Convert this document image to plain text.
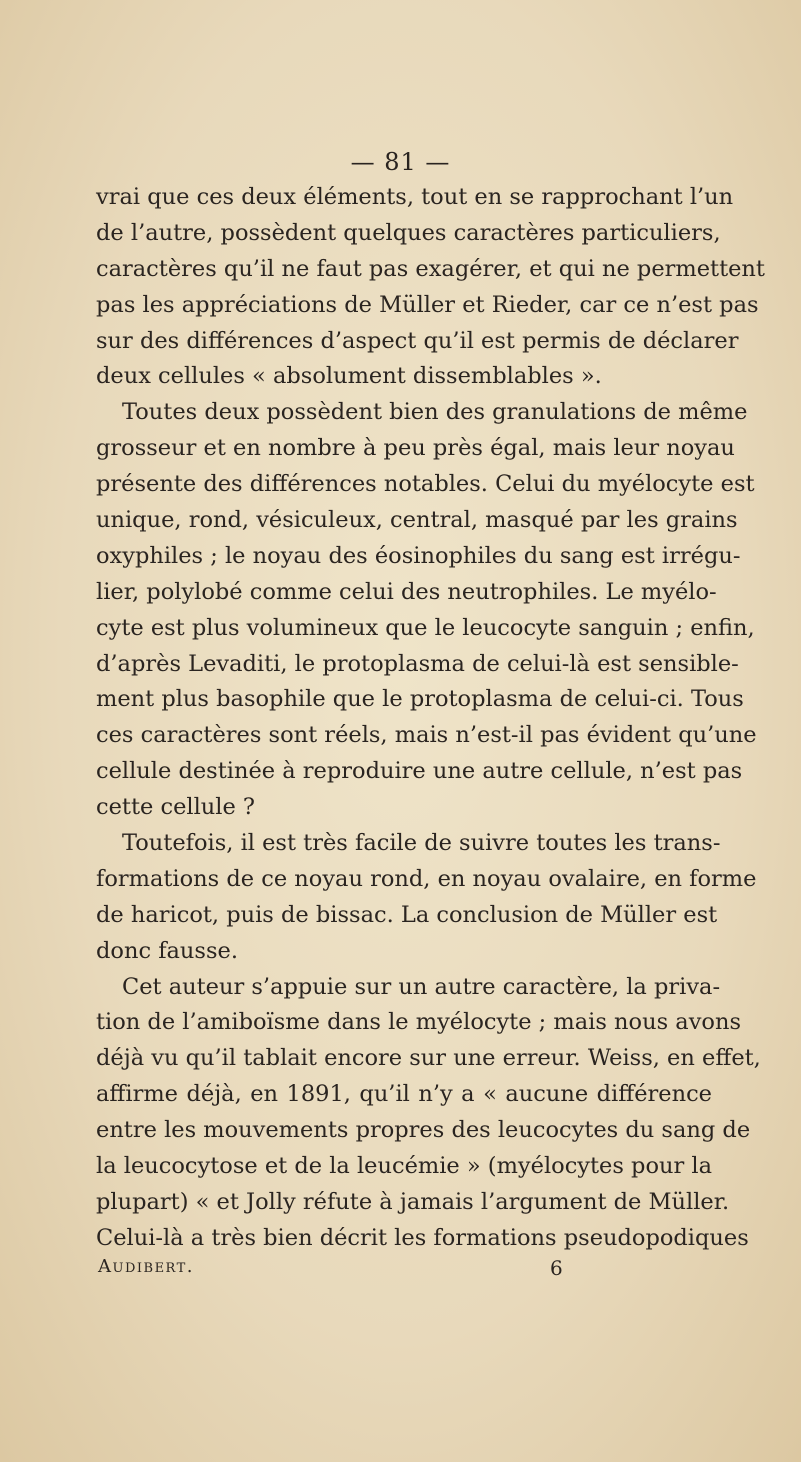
— 81 —
vrai que ces deux éléments, tout en se rapprochant l’un
de l’autre, possèdent quelques caractères particuliers,
caractères qu’il ne faut pas exagérer, et qui ne permettent
pas les appréciations de Müller et Rieder, car ce n’est pas
sur des différences d’aspect qu’il est permis de déclarer
deux cellules « absolument dissemblables ».
Toutes deux possèdent bien des granulations de même
grosseur et en nombre à peu près égal, mais leur noyau
présente des différences notables. Celui du myélocyte est
unique, rond, vésiculeux, central, masqué par les grains
oxyphiles ; le noyau des éosinophiles du sang est irrégu-
lier, polylobé comme celui des neutrophiles. Le myélo-
cyte est plus volumineux que le leucocyte sanguin ; enfin,
d’après Levaditi, le protoplasma de celui-là est sensible-
ment plus basophile que le protoplasma de celui-ci. Tous
ces caractères sont réels, mais n’est-il pas évident qu’une
cellule destinée à reproduire une autre cellule, n’est pas
cette cellule ?
Toutefois, il est très facile de suivre toutes les trans-
formations de ce noyau rond, en noyau ovalaire, en forme
de haricot, puis de bissac. La conclusion de Müller est
donc fausse.
Cet auteur s’appuie sur un autre caractère, la priva-
tion de l’amiboïsme dans le myélocyte ; mais nous avons
déjà vu qu’il tablait encore sur une erreur. Weiss, en effet,
affirme déjà, en 1891, qu’il n’y a « aucune différence
entre les mouvements propres des leucocytes du sang de
la leucocytose et de la leucémie » (myélocytes pour la
plupart) « et Jolly réfute à jamais l’argument de Müller.
Celui-là a très bien décrit les formations pseudopodiques
Audibert.	6
